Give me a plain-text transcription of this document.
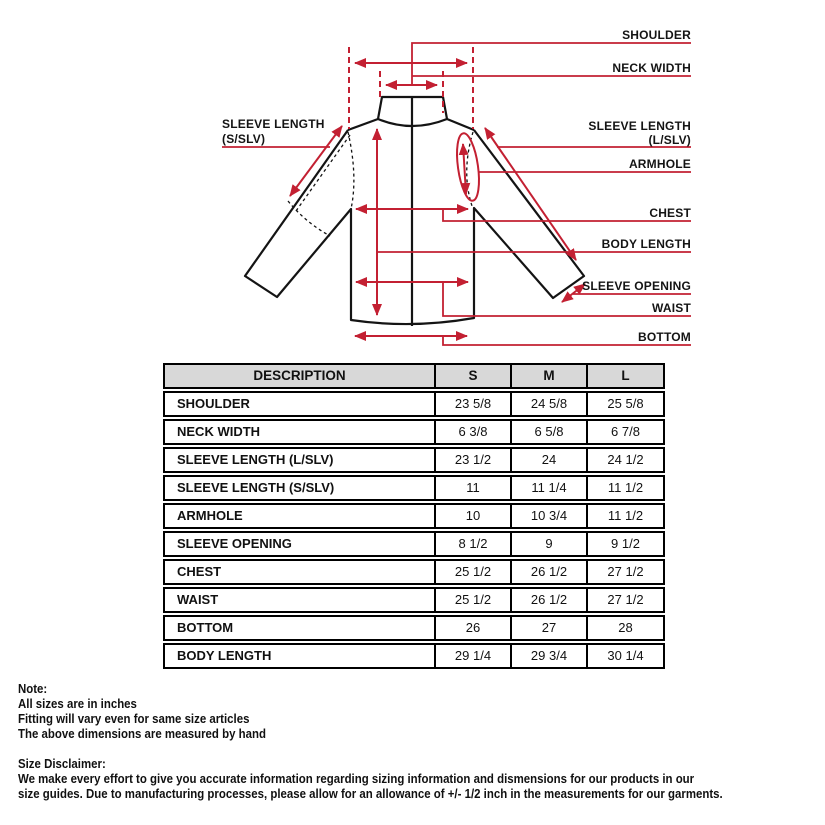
SHOULDER
NECK WIDTH
SLEEVE LENGTH
(L/SLV)
ARMHOLE
CHEST
BODY LENGTH
SLEEVE OPENING
WAIST
BOTTOM
SLEEVE LENGTH
(S/SLV)
DESCRIPTION	S	M	L
SHOULDER	23 5/8	24 5/8	25 5/8
NECK WIDTH	6 3/8	6 5/8	6 7/8
SLEEVE LENGTH (L/SLV)	23 1/2	24	24 1/2
SLEEVE LENGTH (S/SLV)	11	11 1/4	11 1/2
ARMHOLE	10	10 3/4	11 1/2
SLEEVE OPENING	8 1/2	9	9 1/2
CHEST	25 1/2	26 1/2	27 1/2
WAIST	25 1/2	26 1/2	27 1/2
BOTTOM	26	27	28
BODY LENGTH	29 1/4	29 3/4	30 1/4

Note:

All sizes are in inches

Fitting will vary even for same size articles

The above dimensions are measured by hand

Size Disclaimer:

We make every effort to give you accurate information regarding sizing information and dismensions for our products in our

size guides. Due to manufacturing processes, please allow for an allowance of +/- 1/2 inch in the measurements for our garments.
